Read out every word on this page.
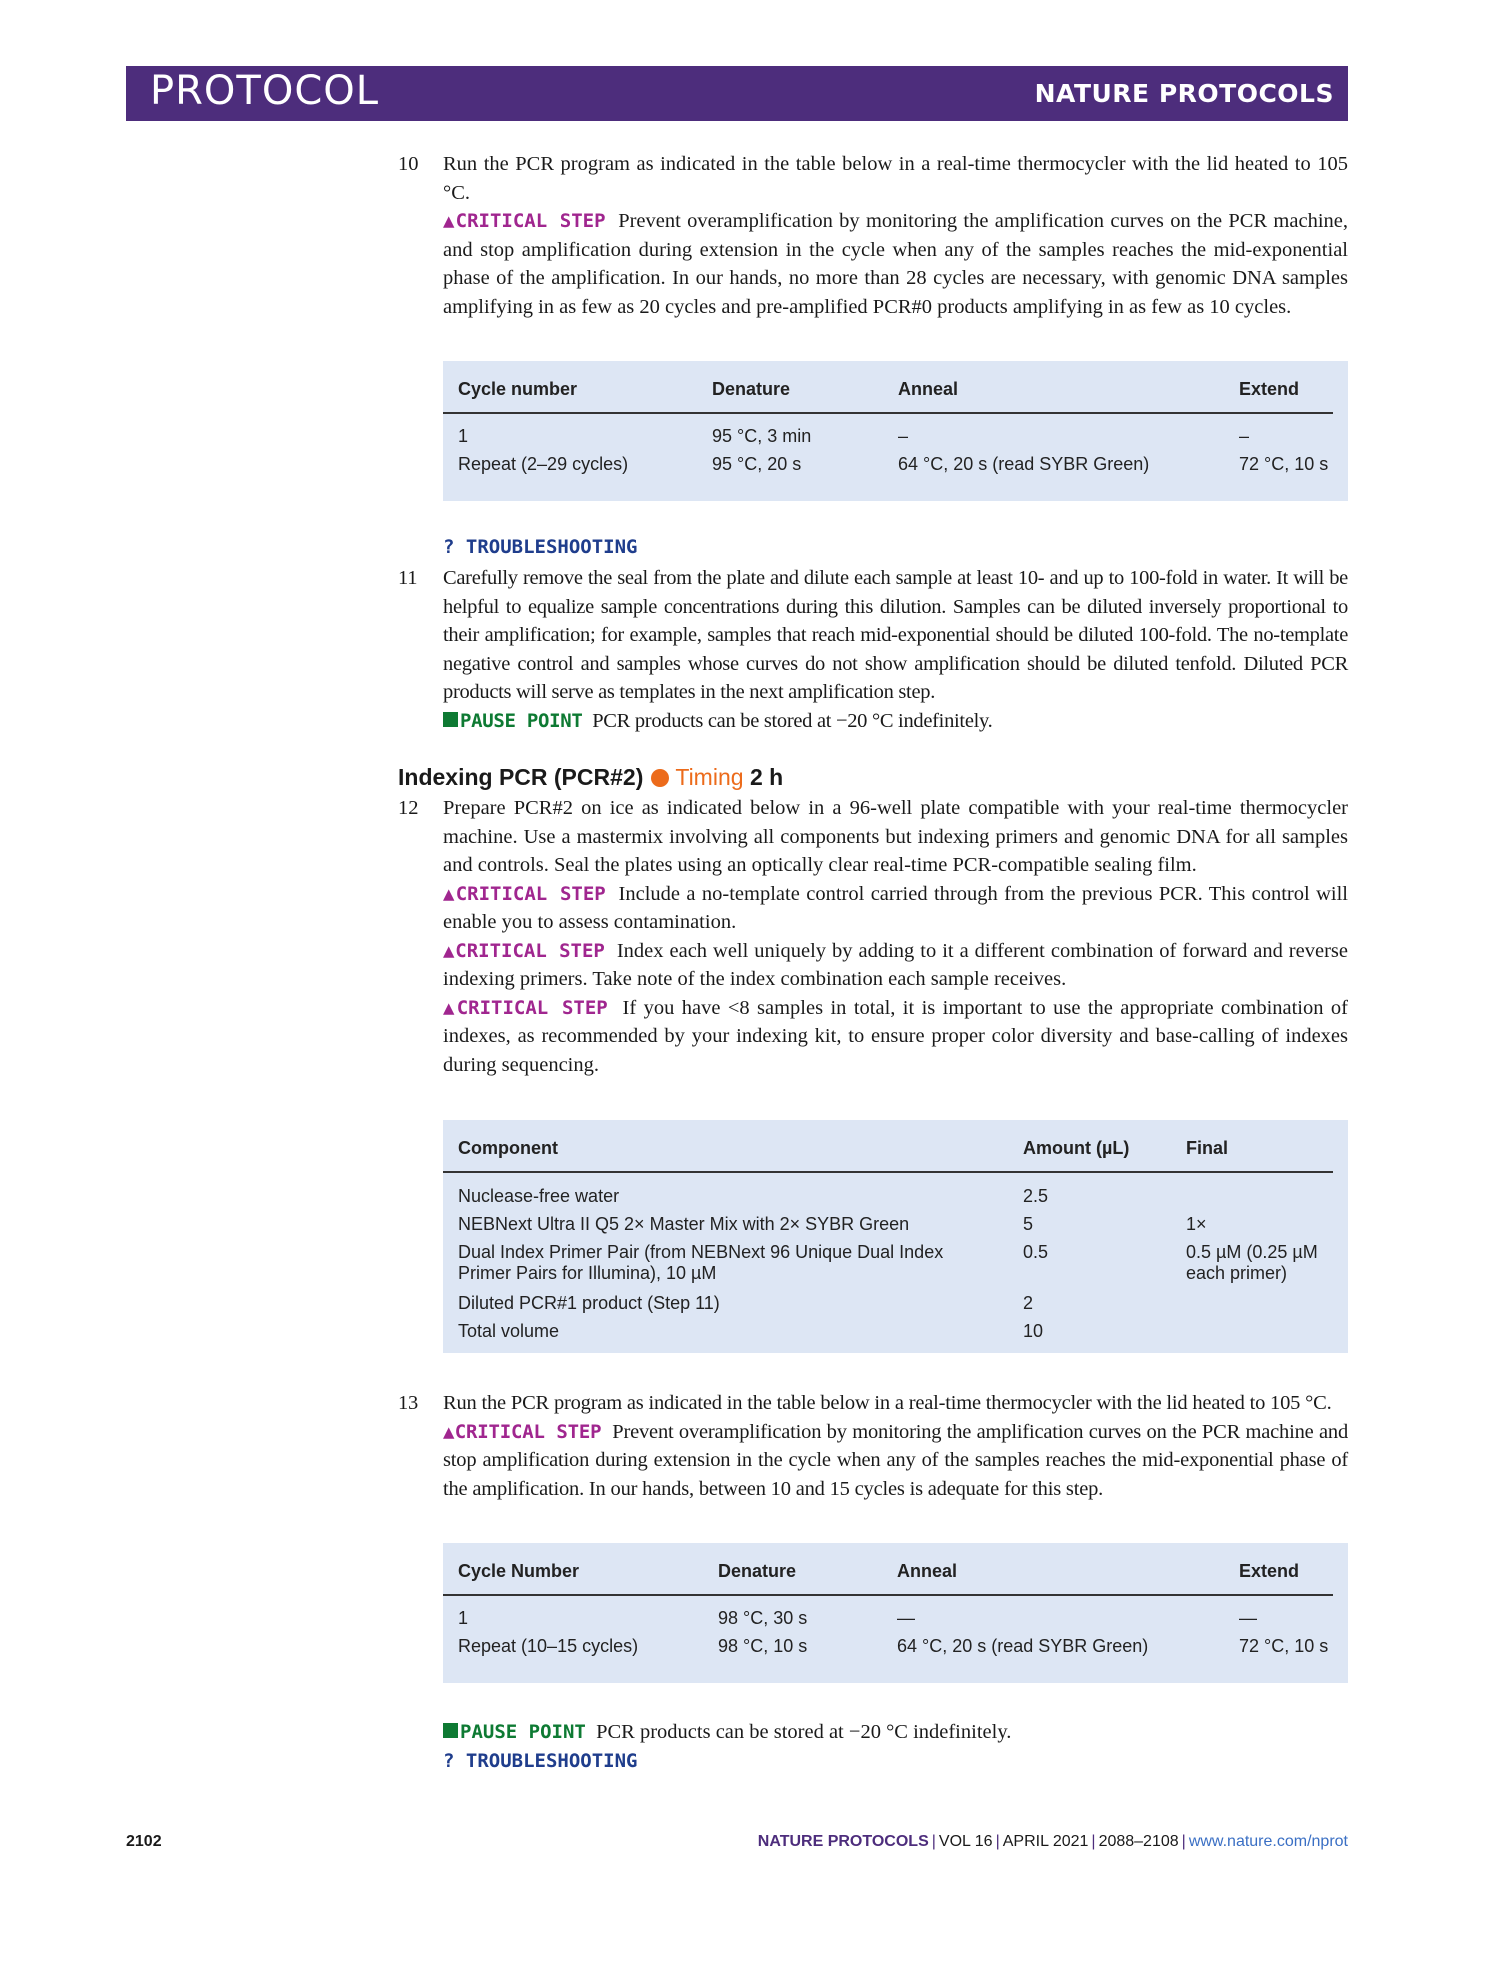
PROTOCOL	NATURE PROTOCOLS
10 Run the PCR program as indicated in the table below in a real-time thermocycler with the lid heated to 105 °C.
▲CRITICAL STEP Prevent overamplification by monitoring the amplification curves on the PCR machine, and stop amplification during extension in the cycle when any of the samples reaches the mid-exponential phase of the amplification. In our hands, no more than 28 cycles are necessary, with genomic DNA samples amplifying in as few as 20 cycles and pre-amplified PCR#0 products amplifying in as few as 10 cycles.
Cycle number	Denature	Anneal	Extend
1	95 °C, 3 min	–	–
Repeat (2–29 cycles)	95 °C, 20 s	64 °C, 20 s (read SYBR Green)	72 °C, 10 s
? TROUBLESHOOTING
11 Carefully remove the seal from the plate and dilute each sample at least 10- and up to 100-fold in water. It will be helpful to equalize sample concentrations during this dilution. Samples can be diluted inversely proportional to their amplification; for example, samples that reach mid-exponential should be diluted 100-fold. The no-template negative control and samples whose curves do not show amplification should be diluted tenfold. Diluted PCR products will serve as templates in the next amplification step.
PAUSE POINT PCR products can be stored at −20 °C indefinitely.
Indexing PCR (PCR#2) Timing 2 h
12 Prepare PCR#2 on ice as indicated below in a 96-well plate compatible with your real-time thermocycler machine. Use a mastermix involving all components but indexing primers and genomic DNA for all samples and controls. Seal the plates using an optically clear real-time PCR-compatible sealing film.
▲CRITICAL STEP Include a no-template control carried through from the previous PCR. This control will enable you to assess contamination.
▲CRITICAL STEP Index each well uniquely by adding to it a different combination of forward and reverse indexing primers. Take note of the index combination each sample receives.
▲CRITICAL STEP If you have <8 samples in total, it is important to use the appropriate combination of indexes, as recommended by your indexing kit, to ensure proper color diversity and base-calling of indexes during sequencing.
Component	Amount (µL)	Final
Nuclease-free water	2.5
NEBNext Ultra II Q5 2× Master Mix with 2× SYBR Green	5	1×
Dual Index Primer Pair (from NEBNext 96 Unique Dual Index	0.5	0.5 µM (0.25 µM
Primer Pairs for Illumina), 10 µM	each primer)
Diluted PCR#1 product (Step 11)	2
Total volume	10
13 Run the PCR program as indicated in the table below in a real-time thermocycler with the lid heated to 105 °C.
▲CRITICAL STEP Prevent overamplification by monitoring the amplification curves on the PCR machine and stop amplification during extension in the cycle when any of the samples reaches the mid-exponential phase of the amplification. In our hands, between 10 and 15 cycles is adequate for this step.
Cycle Number	Denature	Anneal	Extend
1	98 °C, 30 s	—	—
Repeat (10–15 cycles)	98 °C, 10 s	64 °C, 20 s (read SYBR Green)	72 °C, 10 s
PAUSE POINT PCR products can be stored at −20 °C indefinitely.
? TROUBLESHOOTING
2102	NATURE PROTOCOLS | VOL 16 | APRIL 2021 | 2088–2108 | www.nature.com/nprot
